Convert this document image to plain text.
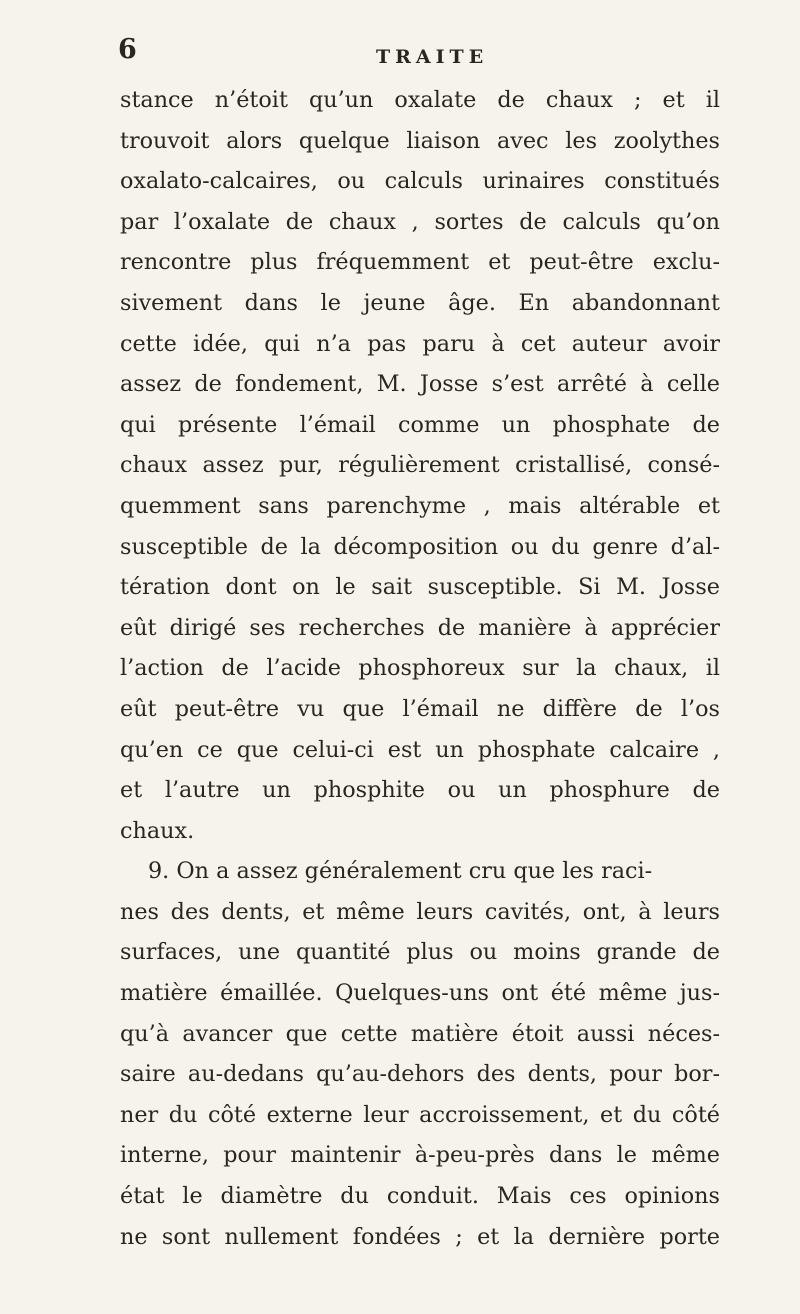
6	TRAITE
stance n’étoit qu’un oxalate de chaux ; et il
trouvoit alors quelque liaison avec les zoolythes
oxalato-calcaires, ou calculs urinaires constitués
par l’oxalate de chaux , sortes de calculs qu’on
rencontre plus fréquemment et peut-être exclu-
sivement dans le jeune âge. En abandonnant
cette idée, qui n’a pas paru à cet auteur avoir
assez de fondement, M. Josse s’est arrêté à celle
qui présente l’émail comme un phosphate de
chaux assez pur, régulièrement cristallisé, consé-
quemment sans parenchyme , mais altérable et
susceptible de la décomposition ou du genre d’al-
tération dont on le sait susceptible. Si M. Josse
eût dirigé ses recherches de manière à apprécier
l’action de l’acide phosphoreux sur la chaux, il
eût peut-être vu que l’émail ne diffère de l’os
qu’en ce que celui-ci est un phosphate calcaire ,
et l’autre un phosphite ou un phosphure de
chaux.
9. On a assez généralement cru que les raci-
nes des dents, et même leurs cavités, ont, à leurs
surfaces, une quantité plus ou moins grande de
matière émaillée. Quelques-uns ont été même jus-
qu’à avancer que cette matière étoit aussi néces-
saire au-dedans qu’au-dehors des dents, pour bor-
ner du côté externe leur accroissement, et du côté
interne, pour maintenir à-peu-près dans le même
état le diamètre du conduit. Mais ces opinions
ne sont nullement fondées ; et la dernière porte
